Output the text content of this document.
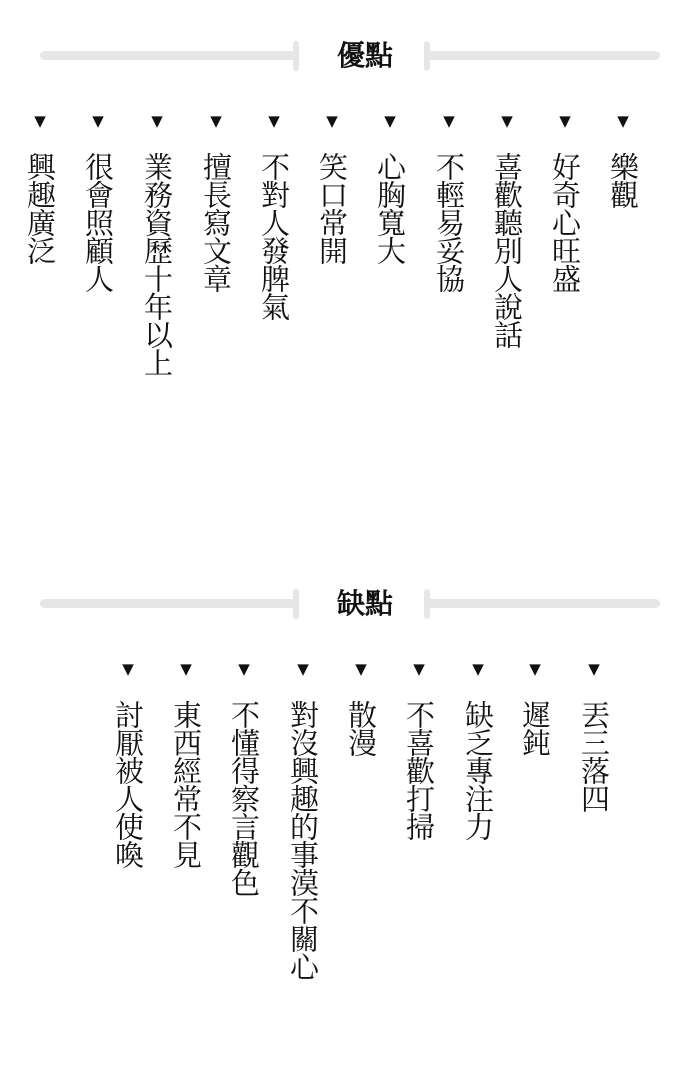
優點
▼
樂觀
▼
好奇心旺盛
▼
喜歡聽別人說話
▼
不輕易妥協
▼
心胸寬大
▼
笑口常開
▼
不對人發脾氣
▼
擅長寫文章
▼
業務資歷十年以上
▼
很會照顧人
▼
興趣廣泛
缺點
▼
丟三落四
▼
遲鈍
▼
缺乏專注力
▼
不喜歡打掃
▼
散漫
▼
對沒興趣的事漠不關心
▼
不懂得察言觀色
▼
東西經常不見
▼
討厭被人使喚
